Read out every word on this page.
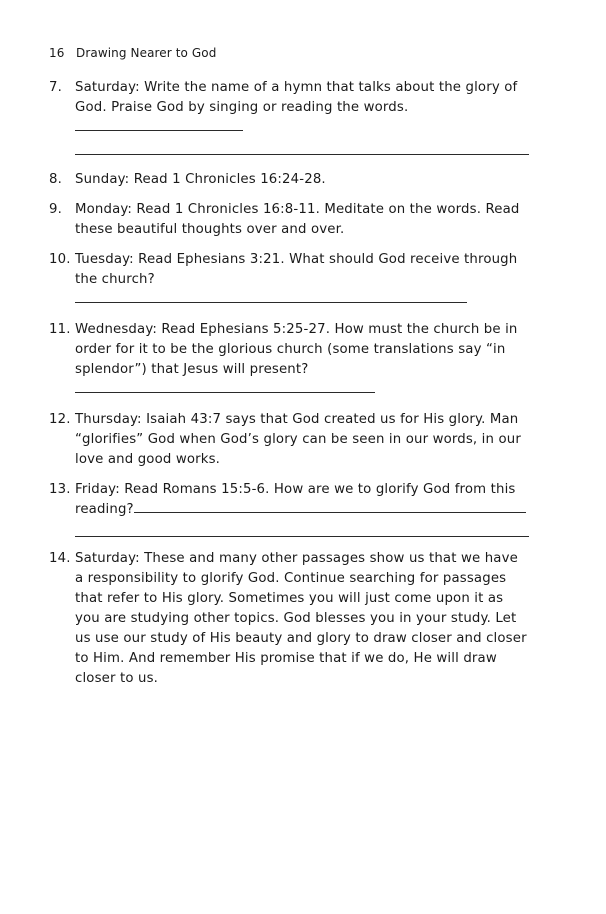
16 Drawing Nearer to God
7. Saturday: Write the name of a hymn that talks about the glory of God. Praise God by singing or reading the words.

8. Sunday: Read 1 Chronicles 16:24-28.

9. Monday: Read 1 Chronicles 16:8-11. Meditate on the words. Read these beautiful thoughts over and over.

10. Tuesday: Read Ephesians 3:21. What should God receive through the church?

11. Wednesday: Read Ephesians 5:25-27. How must the church be in order for it to be the glorious church (some translations say “in splendor”) that Jesus will present?

12. Thursday: Isaiah 43:7 says that God created us for His glory. Man “glorifies” God when God’s glory can be seen in our words, in our love and good works.

13. Friday: Read Romans 15:5-6. How are we to glorify God from this reading?

14. Saturday: These and many other passages show us that we have a responsibility to glorify God. Continue searching for passages that refer to His glory. Sometimes you will just come upon it as you are studying other topics. God blesses you in your study. Let us use our study of His beauty and glory to draw closer and closer to Him. And remember His promise that if we do, He will draw closer to us.
